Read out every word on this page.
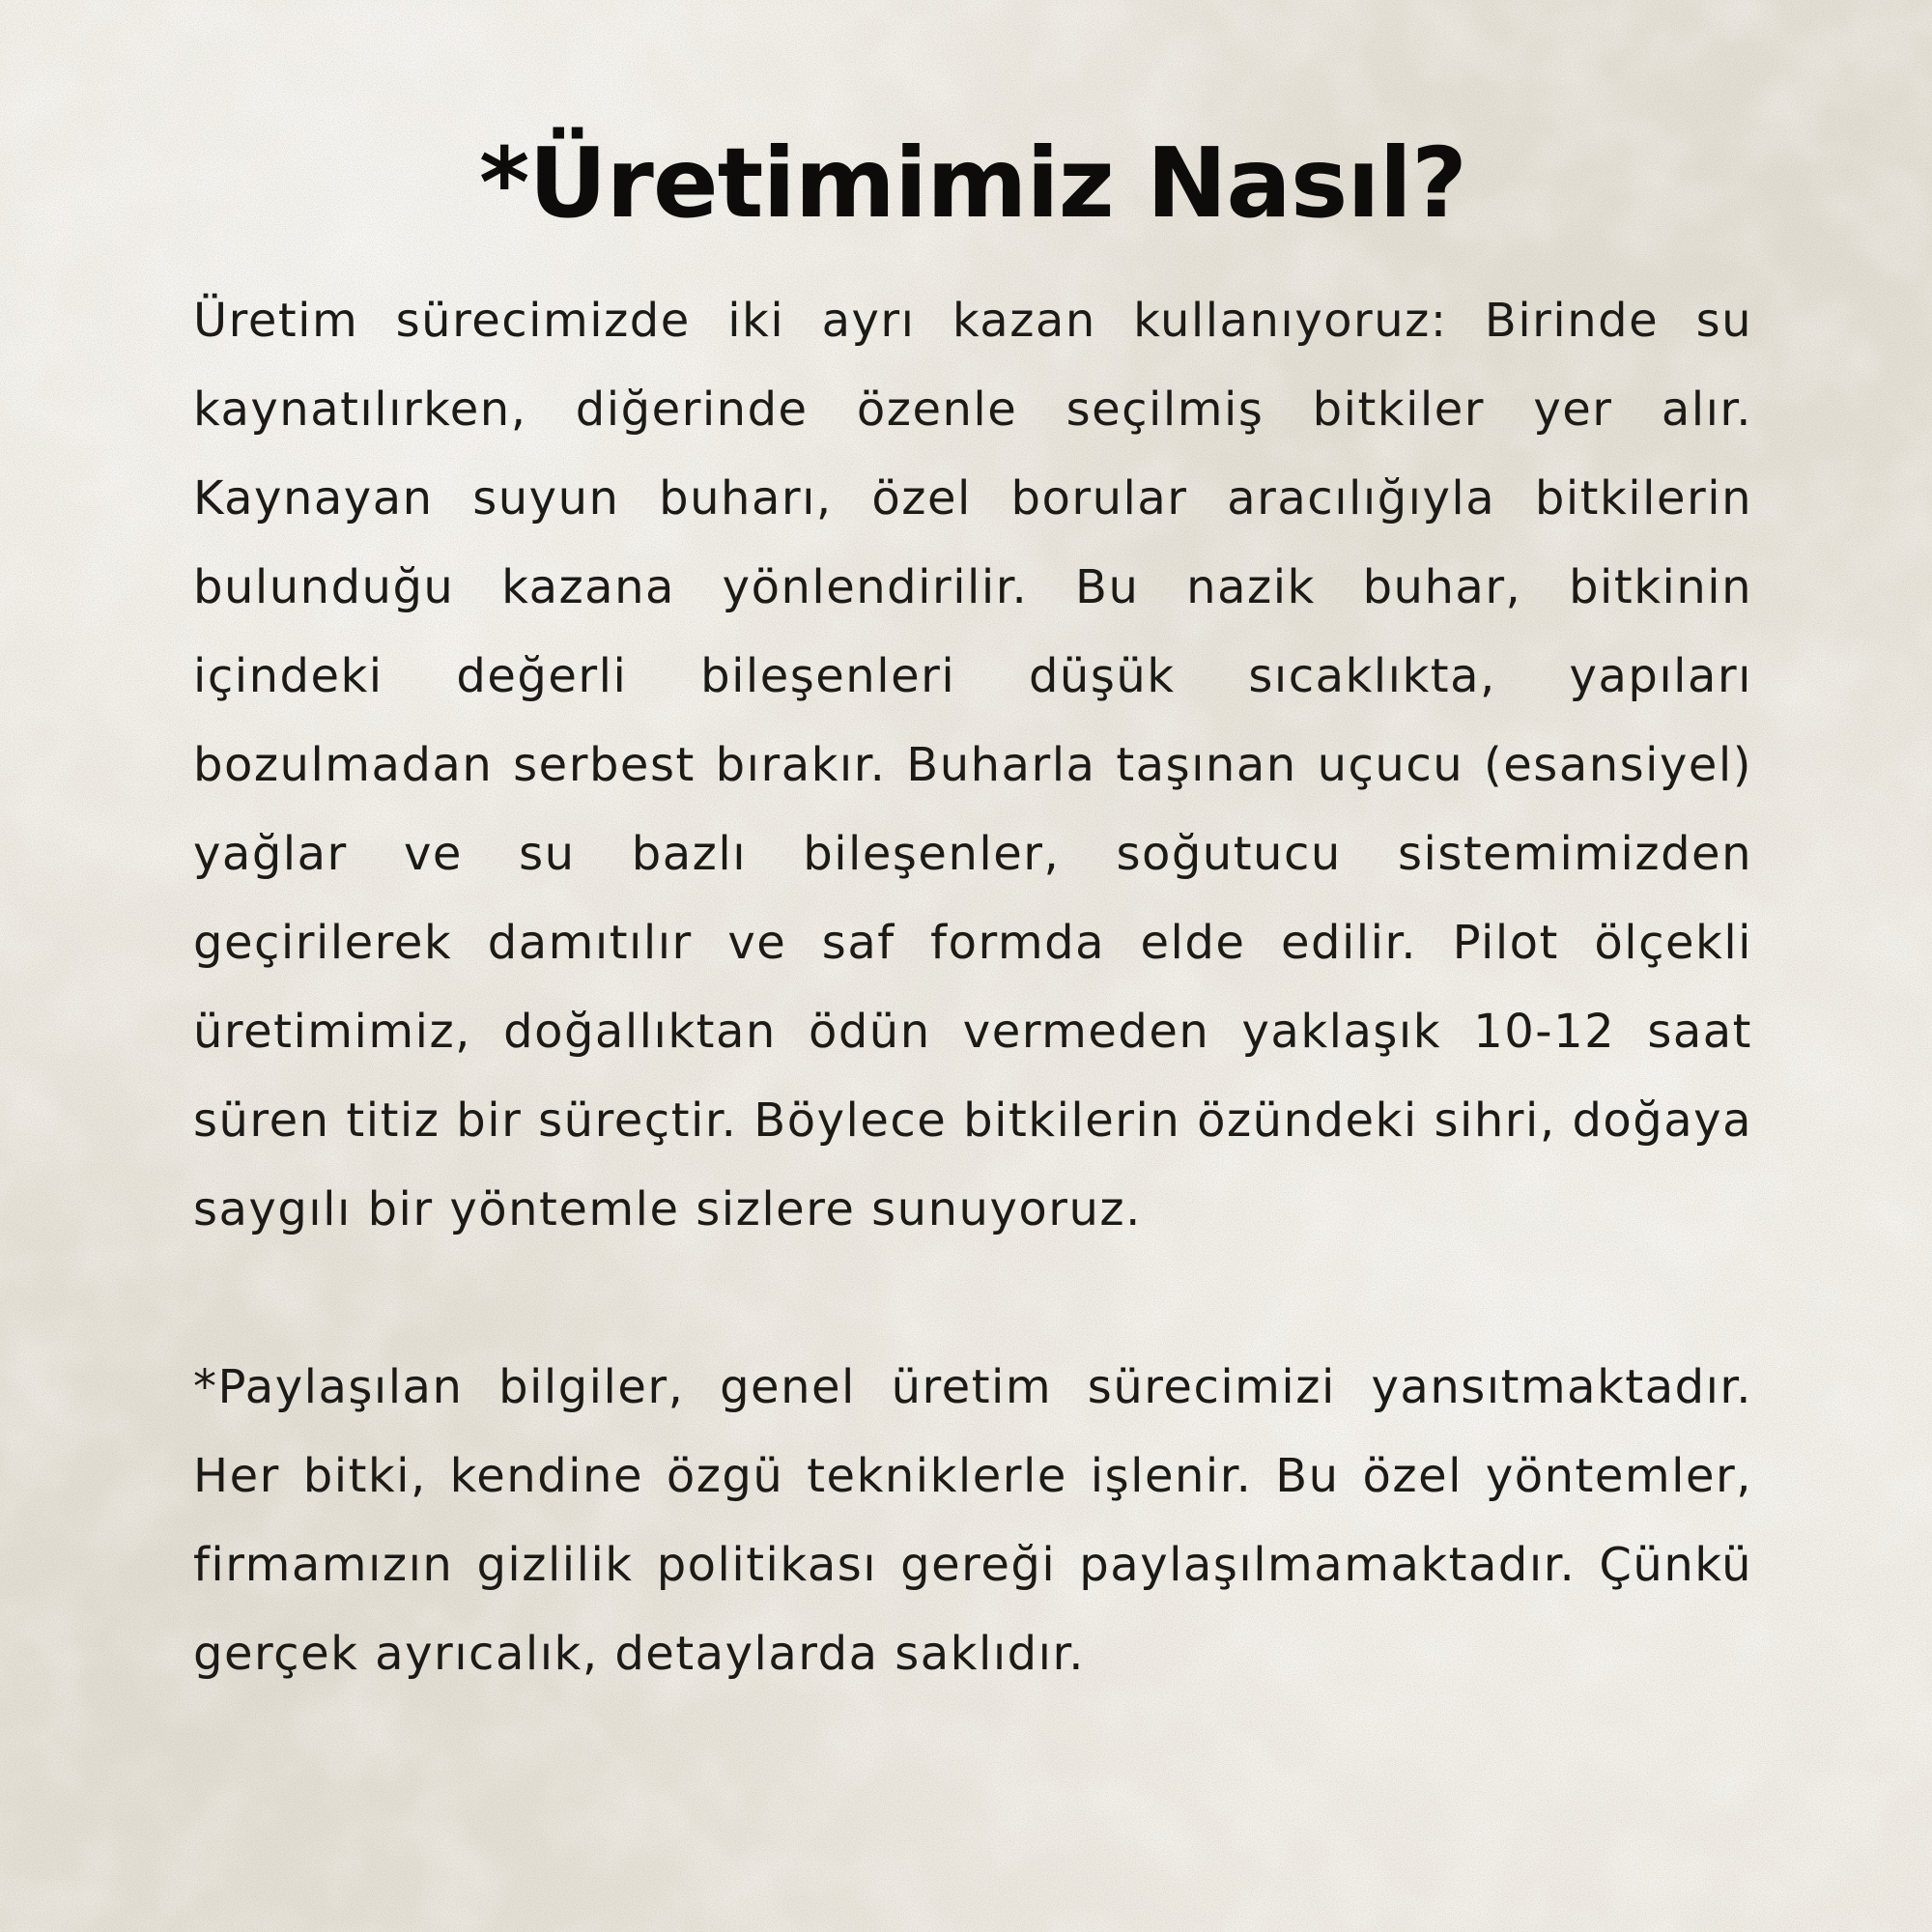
*Üretimimiz Nasıl?

Üretim sürecimizde iki ayrı kazan kullanıyoruz: Birinde su kaynatılırken, diğerinde özenle seçilmiş bitkiler yer alır. Kaynayan suyun buharı, özel borular aracılığıyla bitkilerin bulunduğu kazana yönlendirilir. Bu nazik buhar, bitkinin içindeki değerli bileşenleri düşük sıcaklıkta, yapıları bozulmadan serbest bırakır. Buharla taşınan uçucu (esansiyel) yağlar ve su bazlı bileşenler, soğutucu sistemimizden geçirilerek damıtılır ve saf formda elde edilir. Pilot ölçekli üretimimiz, doğallıktan ödün vermeden yaklaşık 10-12 saat süren titiz bir süreçtir. Böylece bitkilerin özündeki sihri, doğaya saygılı bir yöntemle sizlere sunuyoruz.

*Paylaşılan bilgiler, genel üretim sürecimizi yansıtmaktadır. Her bitki, kendine özgü tekniklerle işlenir. Bu özel yöntemler, firmamızın gizlilik politikası gereği paylaşılmamaktadır. Çünkü gerçek ayrıcalık, detaylarda saklıdır.
